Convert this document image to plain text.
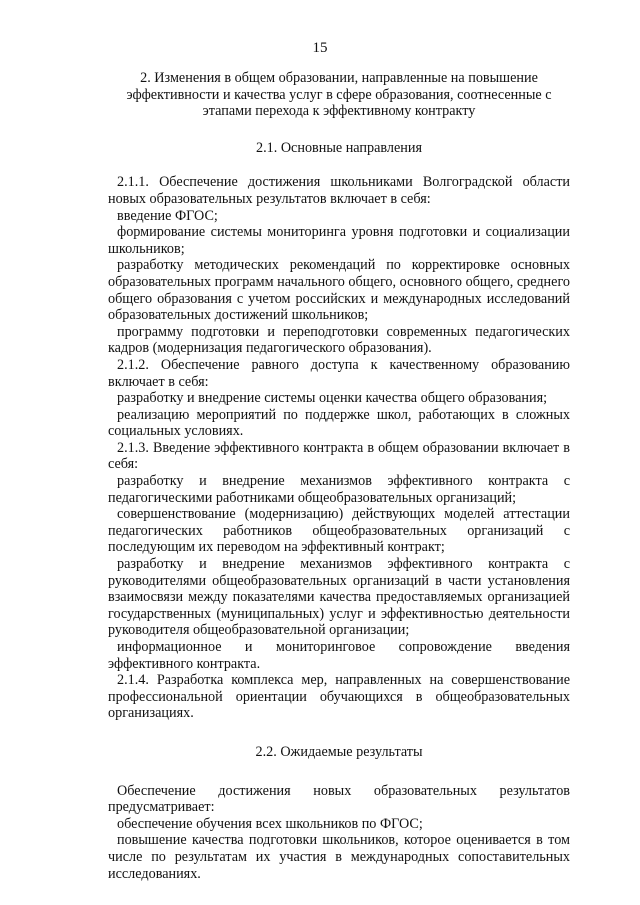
15
2. Изменения в общем образовании, направленные на повышение эффективности и качества услуг в сфере образования, соотнесенные с этапами перехода к эффективному контракту
2.1. Основные направления

2.1.1. Обеспечение достижения школьниками Волгоградской области новых образовательных результатов включает в себя:

введение ФГОС;

формирование системы мониторинга уровня подготовки и социализации школьников;

разработку методических рекомендаций по корректировке основных образовательных программ начального общего, основного общего, среднего общего образования с учетом российских и международных исследований образовательных достижений школьников;

программу подготовки и переподготовки современных педагогических кадров (модернизация педагогического образования).

2.1.2. Обеспечение равного доступа к качественному образованию включает в себя:

разработку и внедрение системы оценки качества общего образования;

реализацию мероприятий по поддержке школ, работающих в сложных социальных условиях.

2.1.3. Введение эффективного контракта в общем образовании включает в себя:

разработку и внедрение механизмов эффективного контракта с педагогическими работниками общеобразовательных организаций;

совершенствование (модернизацию) действующих моделей аттестации педагогических работников общеобразовательных организаций с последующим их переводом на эффективный контракт;

разработку и внедрение механизмов эффективного контракта с руководителями общеобразовательных организаций в части установления взаимосвязи между показателями качества предоставляемых организацией государственных (муниципальных) услуг и эффективностью деятельности руководителя общеобразовательной организации;

информационное и мониторинговое сопровождение введения эффективного контракта.

2.1.4. Разработка комплекса мер, направленных на совершенствование профессиональной ориентации обучающихся в общеобразовательных организациях.

2.2. Ожидаемые результаты

Обеспечение достижения новых образовательных результатов предусматривает:

обеспечение обучения всех школьников по ФГОС;

повышение качества подготовки школьников, которое оценивается в том числе по результатам их участия в международных сопоставительных исследованиях.
